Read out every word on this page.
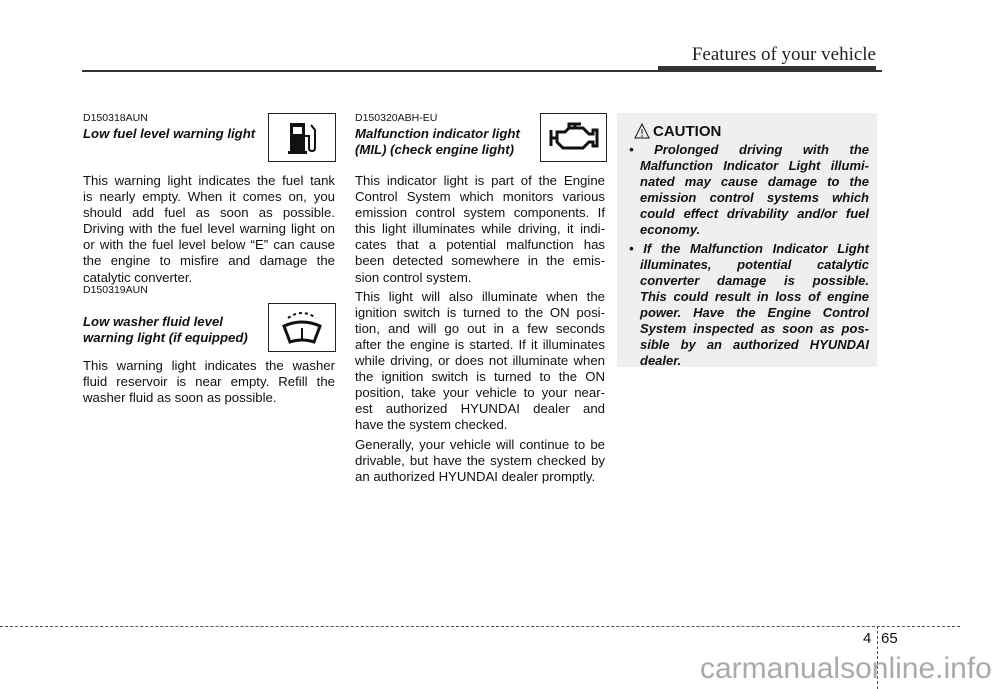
Features of your vehicle
D150318AUN
Low fuel level warning light
This warning light indicates the fuel tank
is nearly empty. When it comes on, you
should add fuel as soon as possible.
Driving with the fuel level warning light on
or with the fuel level below “E” can cause
the engine to misfire and damage the
catalytic converter.
D150319AUN
Low washer fluid level
warning light (if equipped)
This warning light indicates the washer
fluid reservoir is near empty. Refill the
washer fluid as soon as possible.
D150320ABH-EU
Malfunction indicator light
(MIL) (check engine light)
This indicator light is part of the Engine
Control System which monitors various
emission control system components. If
this light illuminates while driving, it indi-
cates that a potential malfunction has
been detected somewhere in the emis-
sion control system.
This light will also illuminate when the
ignition switch is turned to the ON posi-
tion, and will go out in a few seconds
after the engine is started. If it illuminates
while driving, or does not illuminate when
the ignition switch is turned to the ON
position, take your vehicle to your near-
est authorized HYUNDAI dealer and
have the system checked.
Generally, your vehicle will continue to be
drivable, but have the system checked by
an authorized HYUNDAI dealer promptly.
CAUTION
• Prolonged driving with the
Malfunction Indicator Light illumi-
nated may cause damage to the
emission control systems which
could effect drivability and/or fuel
economy.
• If the Malfunction Indicator Light
illuminates, potential catalytic
converter damage is possible.
This could result in loss of engine
power. Have the Engine Control
System inspected as soon as pos-
sible by an authorized HYUNDAI
dealer.
4 65
carmanualsonline.info
